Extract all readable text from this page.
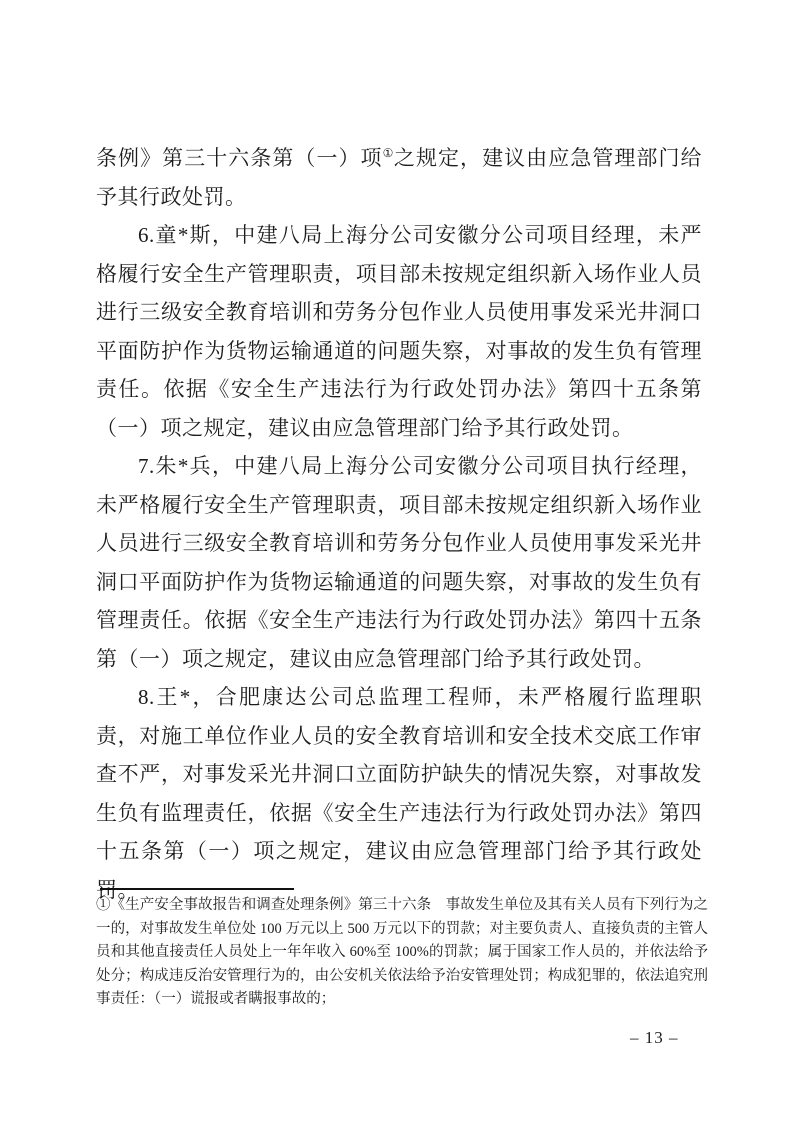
条例》第三十六条第（一）项①之规定，建议由应急管理部门给予其行政处罚。

6.童*斯，中建八局上海分公司安徽分公司项目经理，未严格履行安全生产管理职责，项目部未按规定组织新入场作业人员进行三级安全教育培训和劳务分包作业人员使用事发采光井洞口平面防护作为货物运输通道的问题失察，对事故的发生负有管理责任。依据《安全生产违法行为行政处罚办法》第四十五条第（一）项之规定，建议由应急管理部门给予其行政处罚。

7.朱*兵，中建八局上海分公司安徽分公司项目执行经理，未严格履行安全生产管理职责，项目部未按规定组织新入场作业人员进行三级安全教育培训和劳务分包作业人员使用事发采光井洞口平面防护作为货物运输通道的问题失察，对事故的发生负有管理责任。依据《安全生产违法行为行政处罚办法》第四十五条第（一）项之规定，建议由应急管理部门给予其行政处罚。

8.王*，合肥康达公司总监理工程师，未严格履行监理职责，对施工单位作业人员的安全教育培训和安全技术交底工作审查不严，对事发采光井洞口立面防护缺失的情况失察，对事故发生负有监理责任，依据《安全生产违法行为行政处罚办法》第四十五条第（一）项之规定，建议由应急管理部门给予其行政处罚。

①《生产安全事故报告和调查处理条例》第三十六条　事故发生单位及其有关人员有下列行为之一的，对事故发生单位处 100 万元以上 500 万元以下的罚款；对主要负责人、直接负责的主管人员和其他直接责任人员处上一年年收入 60%至 100%的罚款；属于国家工作人员的，并依法给予处分；构成违反治安管理行为的，由公安机关依法给予治安管理处罚；构成犯罪的，依法追究刑事责任：（一）谎报或者瞒报事故的；

– 13 –
